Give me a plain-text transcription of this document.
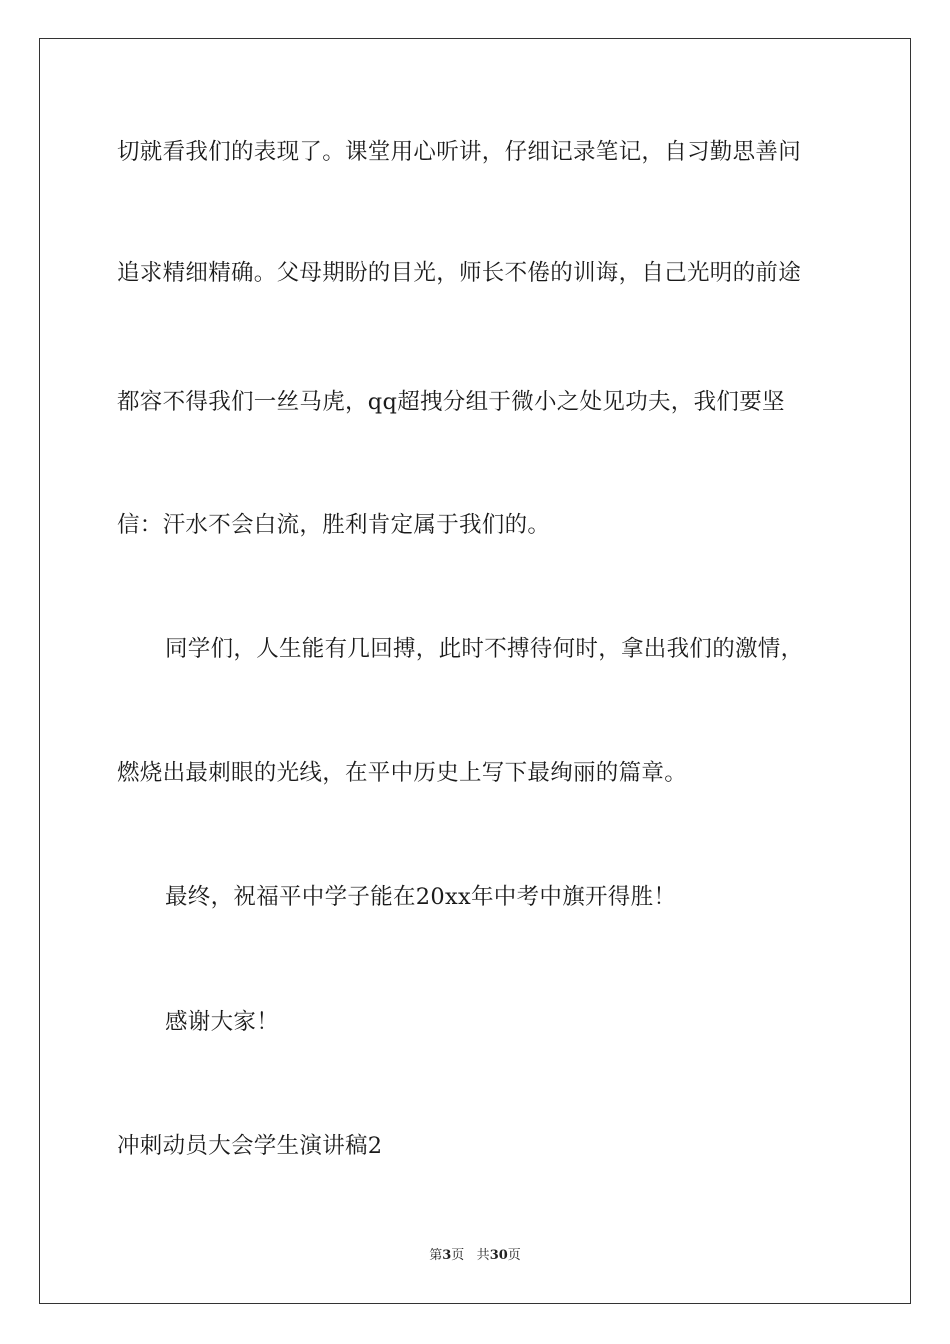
切就看我们的表现了。课堂用心听讲，仔细记录笔记，自习勤思善问
追求精细精确。父母期盼的目光，师长不倦的训诲，自己光明的前途
都容不得我们一丝马虎，qq超拽分组于微小之处见功夫，我们要坚
信：汗水不会白流，胜利肯定属于我们的。
同学们，人生能有几回搏，此时不搏待何时，拿出我们的激情，
燃烧出最刺眼的光线，在平中历史上写下最绚丽的篇章。
最终，祝福平中学子能在20xx年中考中旗开得胜！
感谢大家！
冲刺动员大会学生演讲稿2
第3页 共30页
